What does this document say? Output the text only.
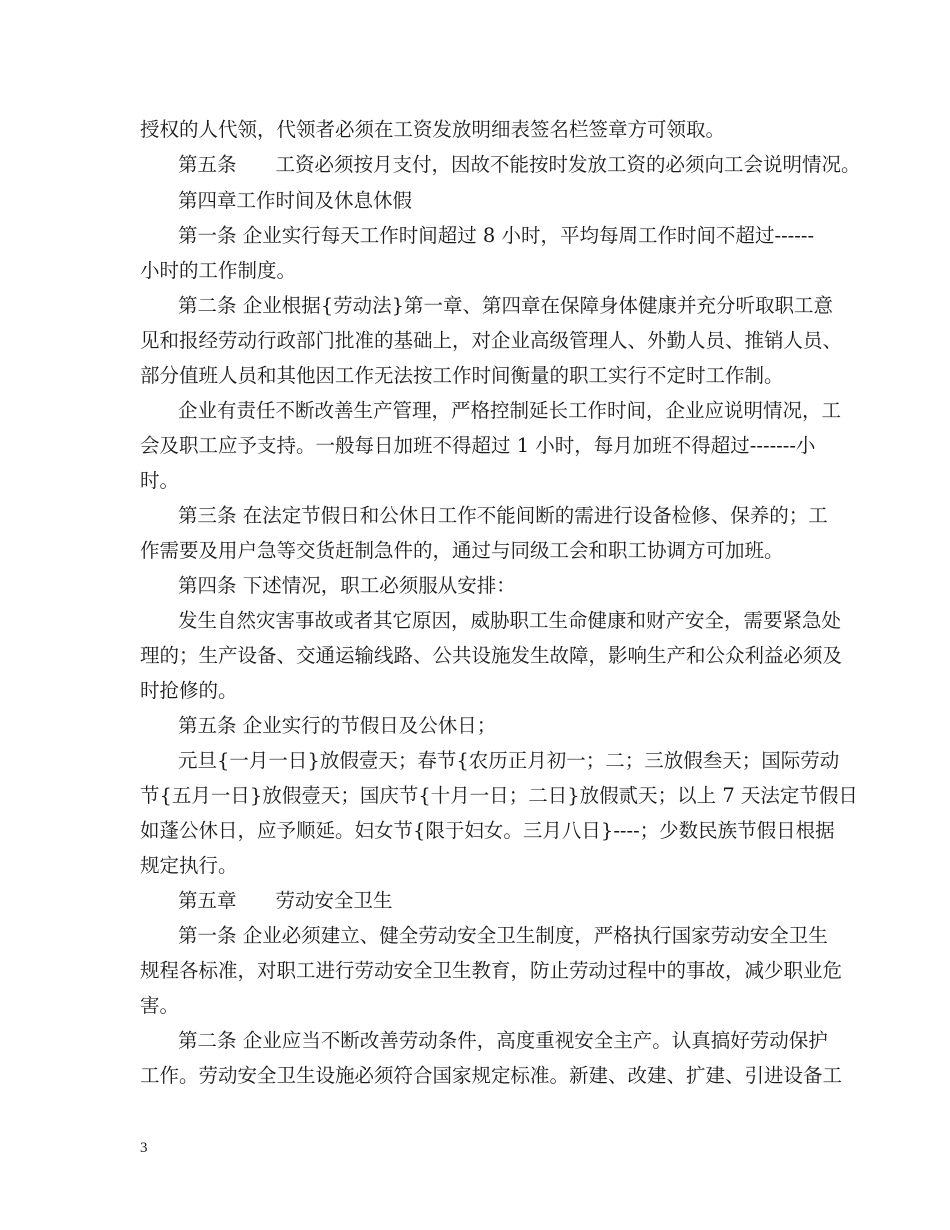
授权的人代领，代领者必须在工资发放明细表签名栏签章方可领取。

第五条　　工资必须按月支付，因故不能按时发放工资的必须向工会说明情况。

第四章工作时间及休息休假

第一条 企业实行每天工作时间超过 8 小时，平均每周工作时间不超过------

小时的工作制度。

第二条 企业根据{劳动法}第一章、第四章在保障身体健康并充分听取职工意

见和报经劳动行政部门批准的基础上，对企业高级管理人、外勤人员、推销人员、

部分值班人员和其他因工作无法按工作时间衡量的职工实行不定时工作制。

企业有责任不断改善生产管理，严格控制延长工作时间，企业应说明情况，工

会及职工应予支持。一般每日加班不得超过 1 小时，每月加班不得超过-------小

时。

第三条 在法定节假日和公休日工作不能间断的需进行设备检修、保养的；工

作需要及用户急等交货赶制急件的，通过与同级工会和职工协调方可加班。

第四条 下述情况，职工必须服从安排：

发生自然灾害事故或者其它原因，威胁职工生命健康和财产安全，需要紧急处

理的；生产设备、交通运输线路、公共设施发生故障，影响生产和公众利益必须及

时抢修的。

第五条 企业实行的节假日及公休日；

元旦{一月一日}放假壹天；春节{农历正月初一；二；三放假叁天；国际劳动

节{五月一日}放假壹天；国庆节{十月一日；二日}放假贰天；以上 7 天法定节假日

如蓬公休日，应予顺延。妇女节{限于妇女。三月八日}----；少数民族节假日根据

规定执行。

第五章　　劳动安全卫生

第一条 企业必须建立、健全劳动安全卫生制度，严格执行国家劳动安全卫生

规程各标准，对职工进行劳动安全卫生教育，防止劳动过程中的事故，减少职业危

害。

第二条 企业应当不断改善劳动条件，高度重视安全主产。认真搞好劳动保护

工作。劳动安全卫生设施必须符合国家规定标准。新建、改建、扩建、引进设备工

3
